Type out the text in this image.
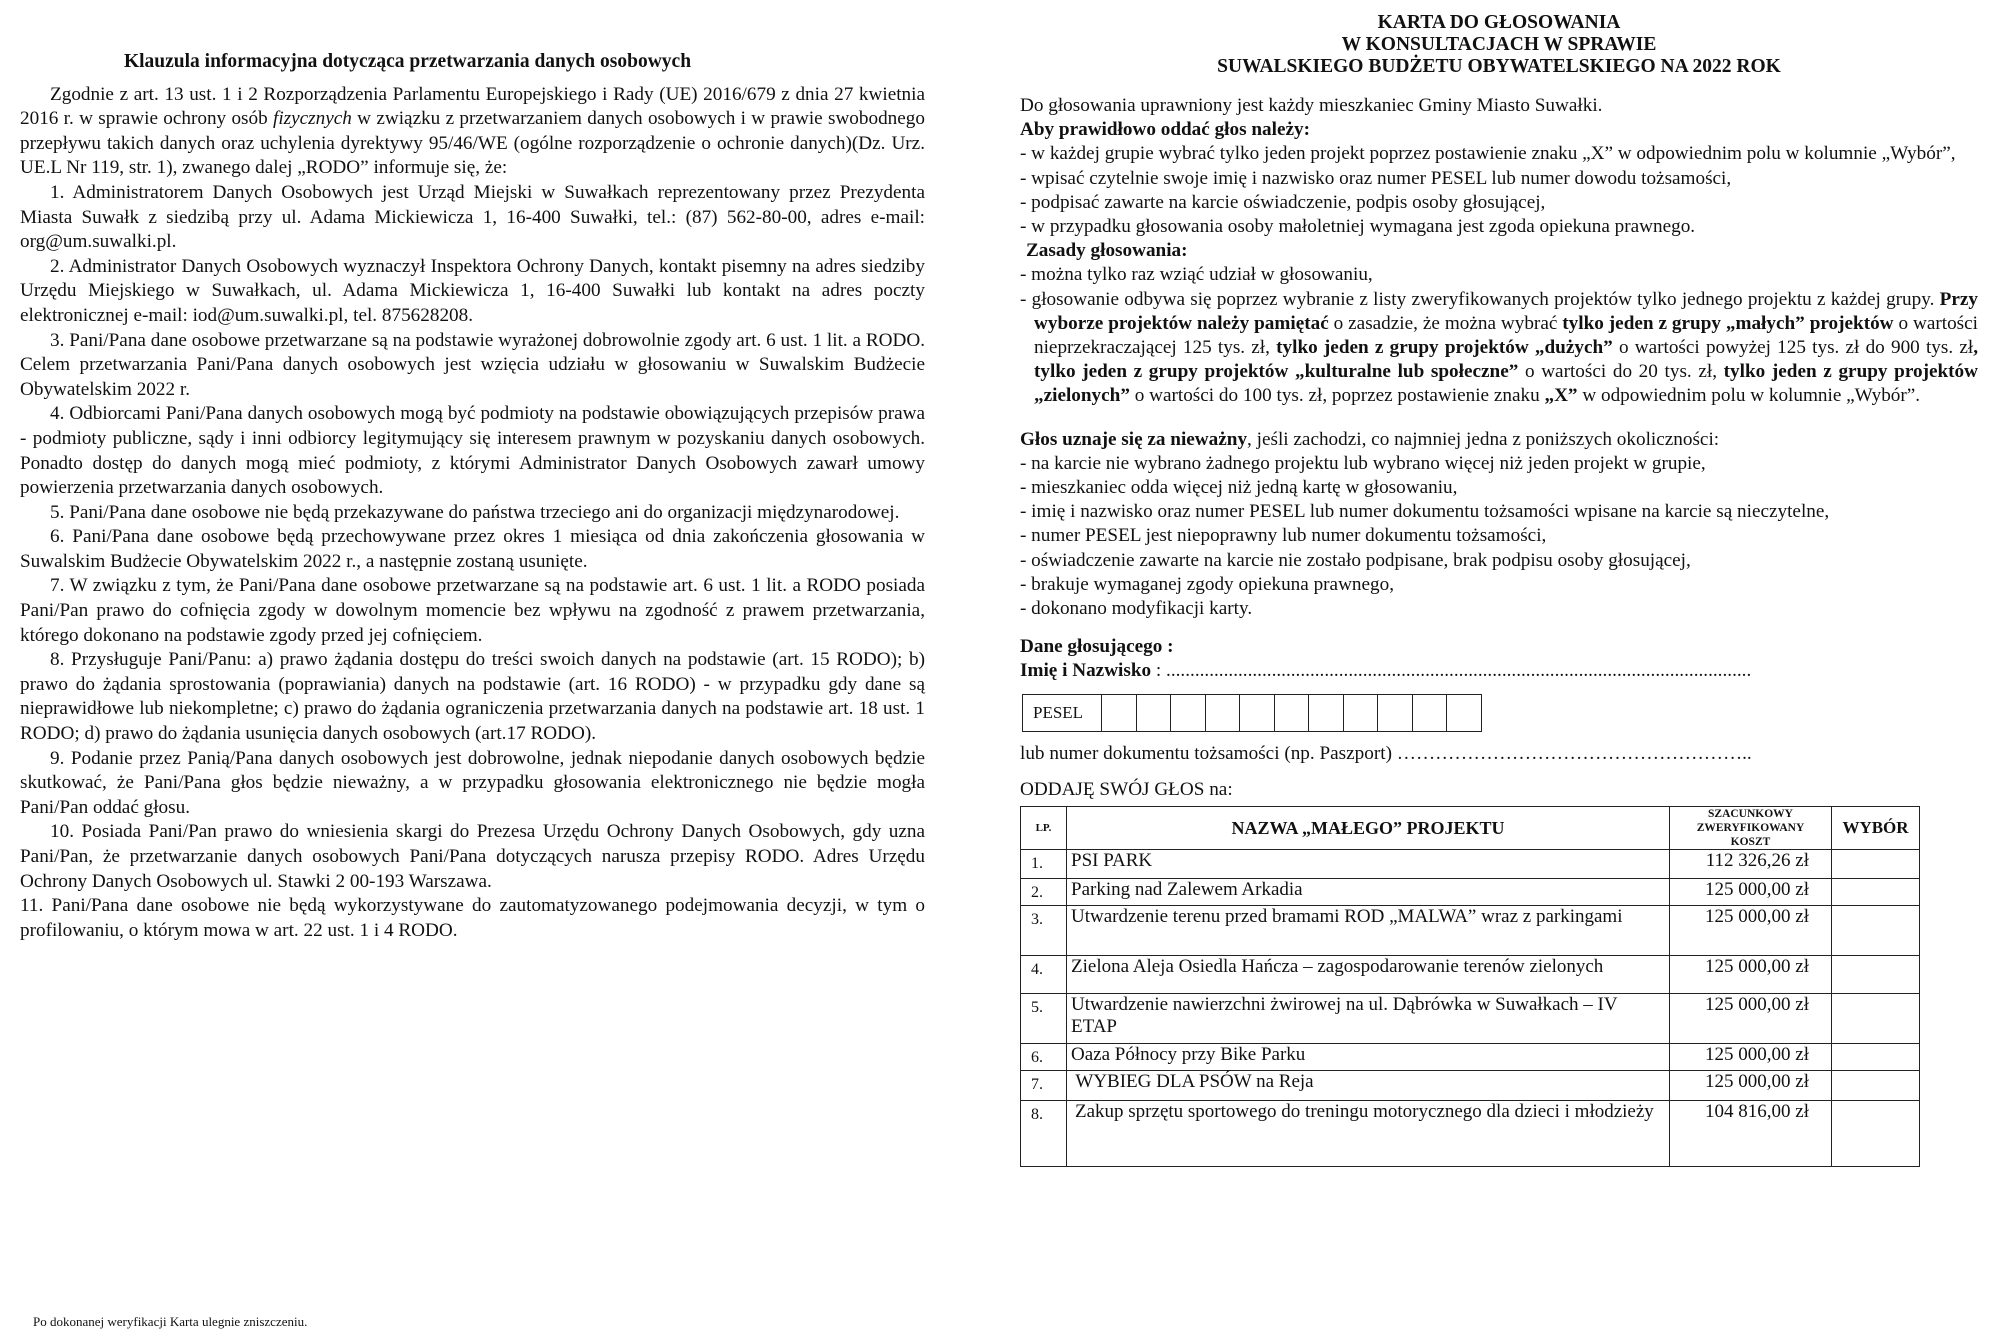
Klauzula informacyjna dotycząca przetwarzania danych osobowych

Zgodnie z art. 13 ust. 1 i 2 Rozporządzenia Parlamentu Europejskiego i Rady (UE) 2016/679 z dnia 27 kwietnia 2016 r. w sprawie ochrony osób fizycznych w związku z przetwarzaniem danych osobowych i w prawie swobodnego przepływu takich danych oraz uchylenia dyrektywy 95/46/WE (ogólne rozporządzenie o ochronie danych)(Dz. Urz. UE.L Nr 119, str. 1), zwanego dalej „RODO” informuje się, że:

1. Administratorem Danych Osobowych jest Urząd Miejski w Suwałkach reprezentowany przez Prezydenta Miasta Suwałk z siedzibą przy ul. Adama Mickiewicza 1, 16-400 Suwałki, tel.: (87) 562-80-00, adres e-mail: org@um.suwalki.pl.

2. Administrator Danych Osobowych wyznaczył Inspektora Ochrony Danych, kontakt pisemny na adres siedziby Urzędu Miejskiego w Suwałkach, ul. Adama Mickiewicza 1, 16-400 Suwałki lub kontakt na adres poczty elektronicznej e-mail: iod@um.suwalki.pl, tel. 875628208.

3. Pani/Pana dane osobowe przetwarzane są na podstawie wyrażonej dobrowolnie zgody art. 6 ust. 1 lit. a RODO. Celem przetwarzania Pani/Pana danych osobowych jest wzięcia udziału w głosowaniu w Suwalskim Budżecie Obywatelskim 2022 r.

4. Odbiorcami Pani/Pana danych osobowych mogą być podmioty na podstawie obowiązujących przepisów prawa - podmioty publiczne, sądy i inni odbiorcy legitymujący się interesem prawnym w pozyskaniu danych osobowych. Ponadto dostęp do danych mogą mieć podmioty, z którymi Administrator Danych Osobowych zawarł umowy powierzenia przetwarzania danych osobowych.

5. Pani/Pana dane osobowe nie będą przekazywane do państwa trzeciego ani do organizacji międzynarodowej.

6. Pani/Pana dane osobowe będą przechowywane przez okres 1 miesiąca od dnia zakończenia głosowania w Suwalskim Budżecie Obywatelskim 2022 r., a następnie zostaną usunięte.

7. W związku z tym, że Pani/Pana dane osobowe przetwarzane są na podstawie art. 6 ust. 1 lit. a RODO posiada Pani/Pan prawo do cofnięcia zgody w dowolnym momencie bez wpływu na zgodność z prawem przetwarzania, którego dokonano na podstawie zgody przed jej cofnięciem.

8. Przysługuje Pani/Panu: a) prawo żądania dostępu do treści swoich danych na podstawie (art. 15 RODO); b) prawo do żądania sprostowania (poprawiania) danych na podstawie (art. 16 RODO) - w przypadku gdy dane są nieprawidłowe lub niekompletne; c) prawo do żądania ograniczenia przetwarzania danych na podstawie art. 18 ust. 1 RODO; d) prawo do żądania usunięcia danych osobowych (art.17 RODO).

9. Podanie przez Panią/Pana danych osobowych jest dobrowolne, jednak niepodanie danych osobowych będzie skutkować, że Pani/Pana głos będzie nieważny, a w przypadku głosowania elektronicznego nie będzie mogła Pani/Pan oddać głosu.

10. Posiada Pani/Pan prawo do wniesienia skargi do Prezesa Urzędu Ochrony Danych Osobowych, gdy uzna Pani/Pan, że przetwarzanie danych osobowych Pani/Pana dotyczących narusza przepisy RODO. Adres Urzędu Ochrony Danych Osobowych ul. Stawki 2 00-193 Warszawa.

11. Pani/Pana dane osobowe nie będą wykorzystywane do zautomatyzowanego podejmowania decyzji, w tym o profilowaniu, o którym mowa w art. 22 ust. 1 i 4 RODO.

Po dokonanej weryfikacji Karta ulegnie zniszczeniu.
KARTA DO GŁOSOWANIA
W KONSULTACJACH W SPRAWIE
SUWALSKIEGO BUDŻETU OBYWATELSKIEGO NA 2022 ROK

Do głosowania uprawniony jest każdy mieszkaniec Gminy Miasto Suwałki.

Aby prawidłowo oddać głos należy:

- w każdej grupie wybrać tylko jeden projekt poprzez postawienie znaku „X” w odpowiednim polu w kolumnie „Wybór”,

- wpisać czytelnie swoje imię i nazwisko oraz numer PESEL lub numer dowodu tożsamości,

- podpisać zawarte na karcie oświadczenie, podpis osoby głosującej,

- w przypadku głosowania osoby małoletniej wymagana jest zgoda opiekuna prawnego.

Zasady głosowania:

- można tylko raz wziąć udział w głosowaniu,

- głosowanie odbywa się poprzez wybranie z listy zweryfikowanych projektów tylko jednego projektu z każdej grupy. Przy wyborze projektów należy pamiętać o zasadzie, że można wybrać tylko jeden z grupy „małych” projektów o wartości nieprzekraczającej 125 tys. zł, tylko jeden z grupy projektów „dużych” o wartości powyżej 125 tys. zł do 900 tys. zł, tylko jeden z grupy projektów „kulturalne lub społeczne” o wartości do 20 tys. zł, tylko jeden z grupy projektów „zielonych” o wartości do 100 tys. zł, poprzez postawienie znaku „X” w odpowiednim polu w kolumnie „Wybór”.

Głos uznaje się za nieważny, jeśli zachodzi, co najmniej jedna z poniższych okoliczności:

- na karcie nie wybrano żadnego projektu lub wybrano więcej niż jeden projekt w grupie,

- mieszkaniec odda więcej niż jedną kartę w głosowaniu,

- imię i nazwisko oraz numer PESEL lub numer dokumentu tożsamości wpisane na karcie są nieczytelne,

- numer PESEL jest niepoprawny lub numer dokumentu tożsamości,

- oświadczenie zawarte na karcie nie zostało podpisane, brak podpisu osoby głosującej,

- brakuje wymaganej zgody opiekuna prawnego,

- dokonano modyfikacji karty.

Dane głosującego :

Imię i Nazwisko : ..........................................................................................................................

PESEL

lub numer dokumentu tożsamości (np. Paszport) ………………………………………………..

ODDAJĘ SWÓJ GŁOS na:

LP.	NAZWA „MAŁEGO” PROJEKTU	SZACUNKOWY
ZWERYFIKOWANY
KOSZT	WYBÓR
1.	PSI PARK	112 326,26 zł	
2.	Parking nad Zalewem Arkadia	125 000,00 zł	
3.	Utwardzenie terenu przed bramami ROD „MALWA” wraz z parkingami	125 000,00 zł	
4.	Zielona Aleja Osiedla Hańcza – zagospodarowanie terenów zielonych	125 000,00 zł	
5.	Utwardzenie nawierzchni żwirowej na ul. Dąbrówka w Suwałkach – IV ETAP	125 000,00 zł	
6.	Oaza Północy przy Bike Parku	125 000,00 zł	
7.	WYBIEG DLA PSÓW na Reja	125 000,00 zł	
8.	Zakup sprzętu sportowego do treningu motorycznego dla dzieci i młodzieży	104 816,00 zł	
